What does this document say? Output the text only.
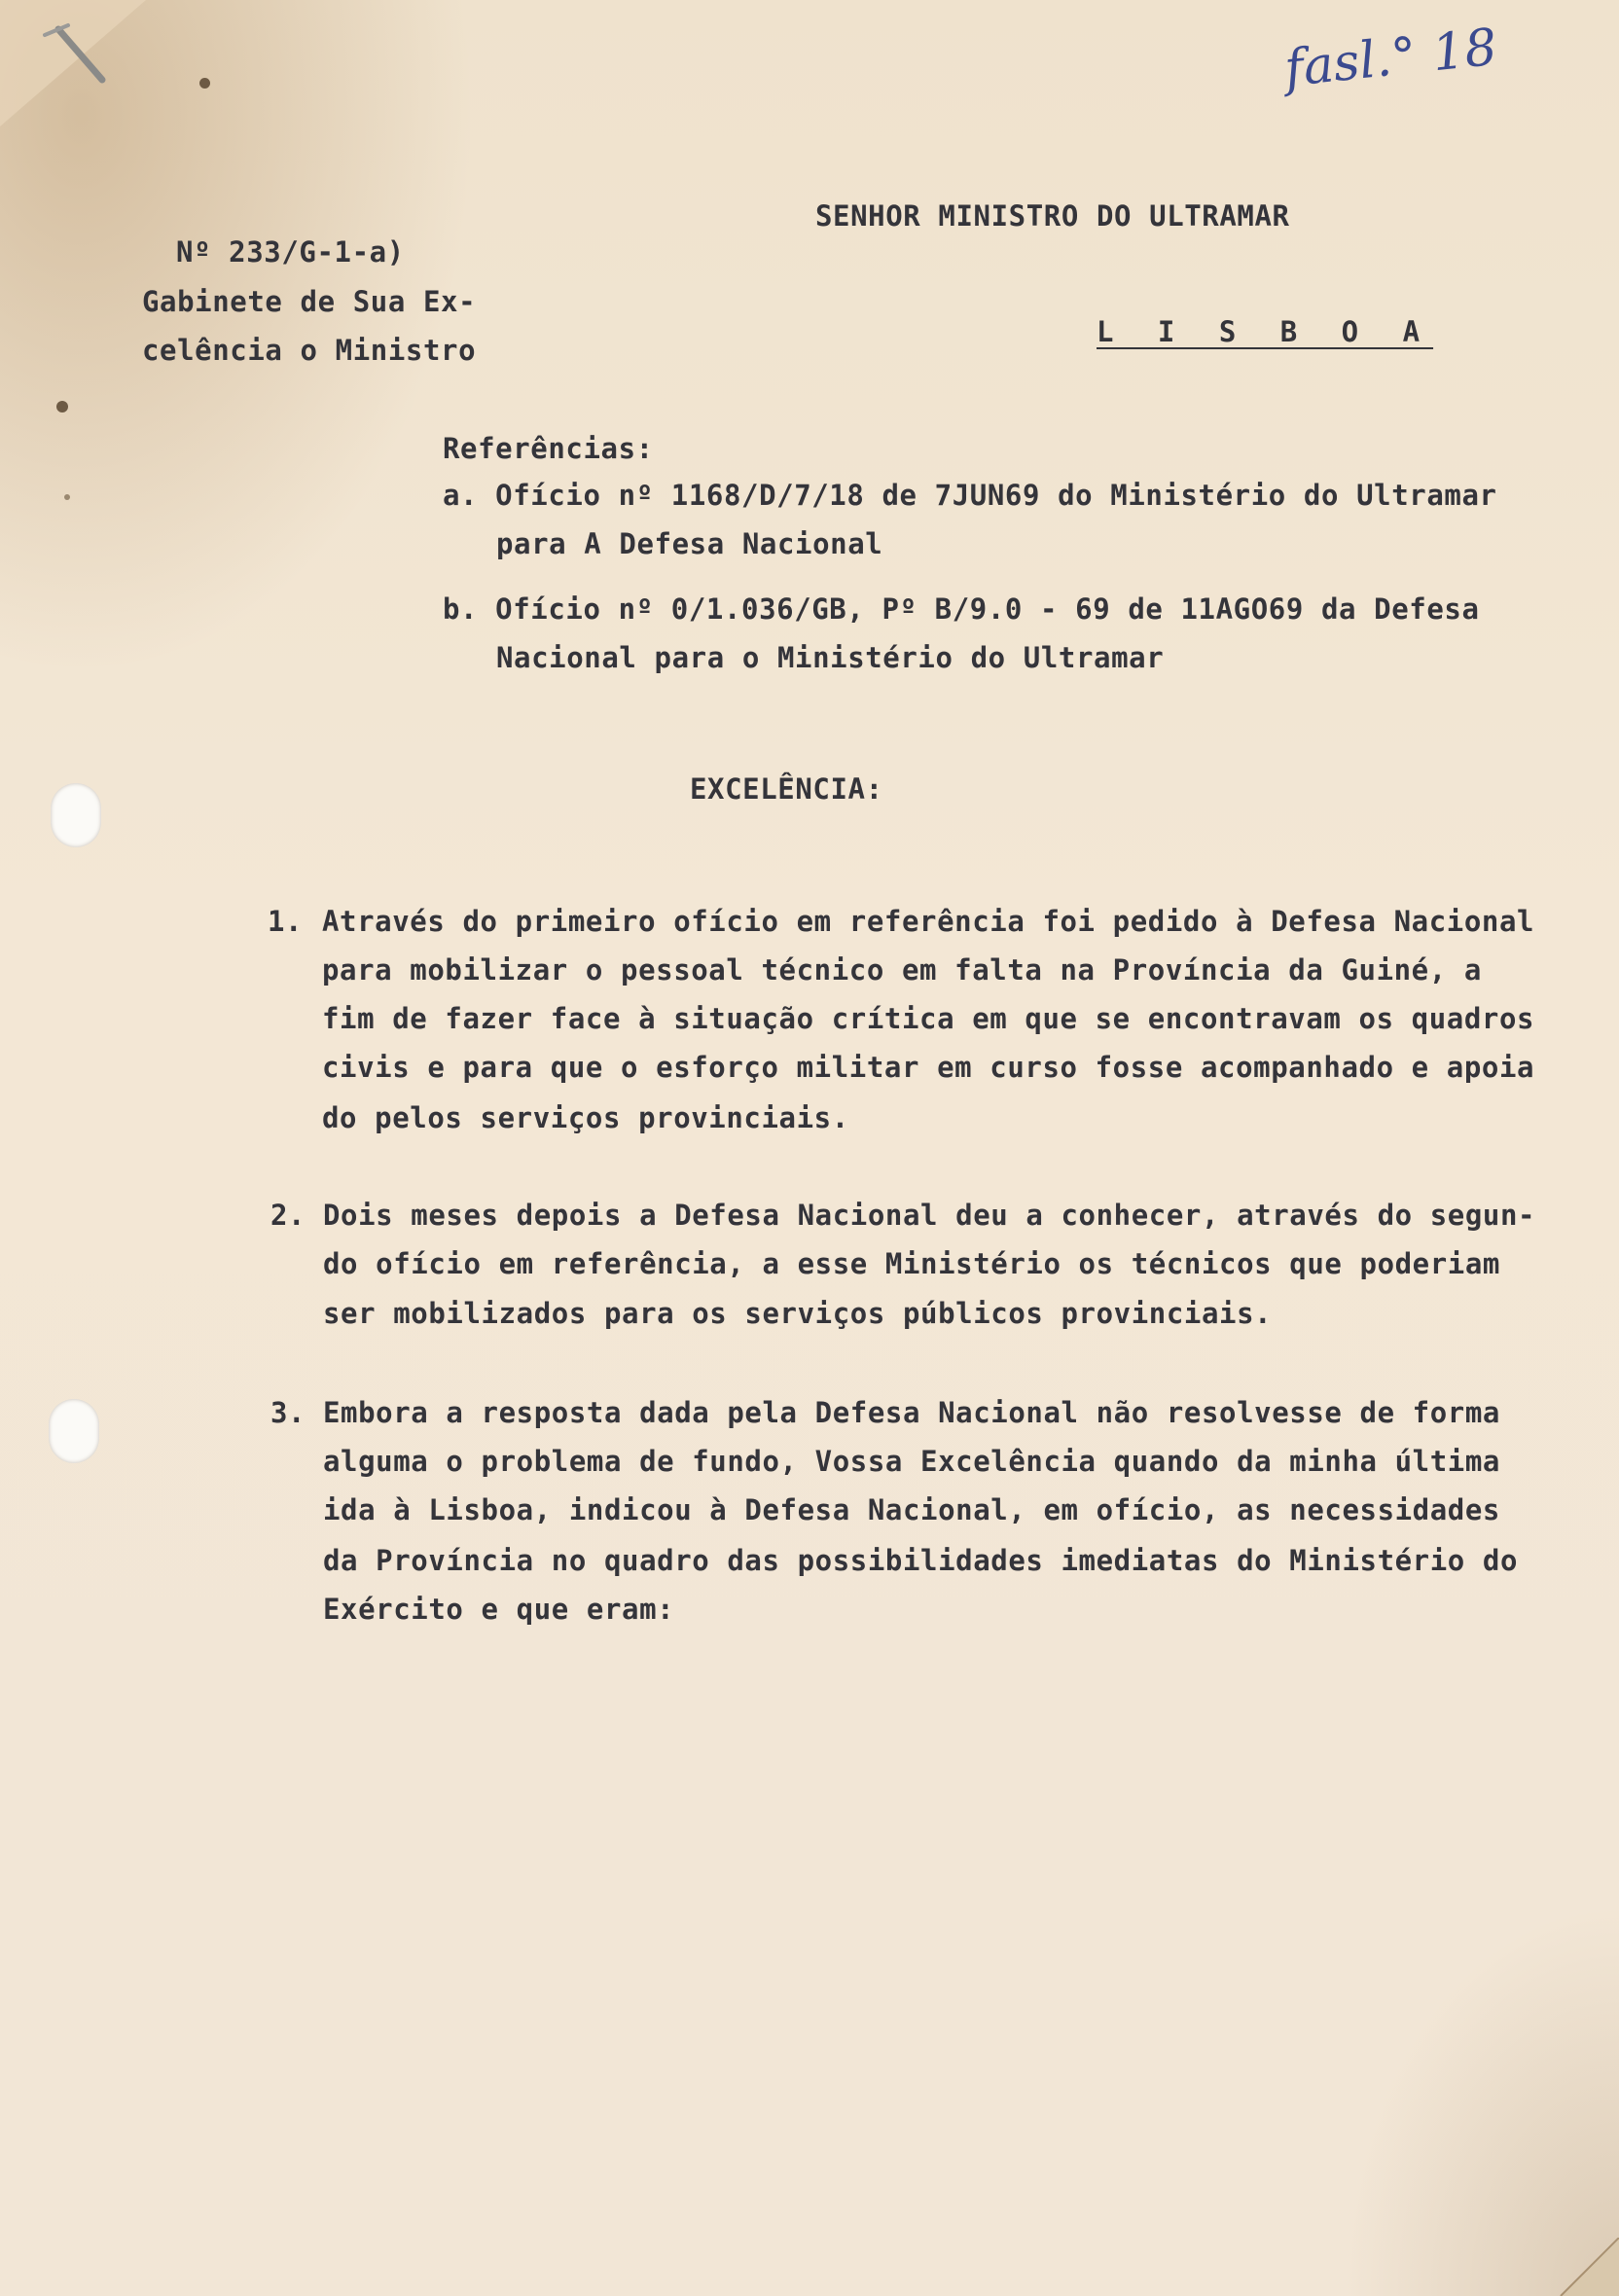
fasl.° 18
SENHOR MINISTRO DO ULTRAMAR
L I S B O A
Nº 233/G-1-a)
Gabinete de Sua Ex-
celência o Ministro
Referências:
a. Ofício nº 1168/D/7/18 de 7JUN69 do Ministério do Ultramar
para A Defesa Nacional
b. Ofício nº 0/1.036/GB, Pº B/9.0 - 69 de 11AGO69 da Defesa
Nacional para o Ministério do Ultramar
EXCELÊNCIA:
1. Através do primeiro ofício em referência foi pedido à Defesa Nacional
para mobilizar o pessoal técnico em falta na Província da Guiné, a
fim de fazer face à situação crítica em que se encontravam os quadros
civis e para que o esforço militar em curso fosse acompanhado e apoia
do pelos serviços provinciais.
2. Dois meses depois a Defesa Nacional deu a conhecer, através do segun-
do ofício em referência, a esse Ministério os técnicos que poderiam
ser mobilizados para os serviços públicos provinciais.
3. Embora a resposta dada pela Defesa Nacional não resolvesse de forma
alguma o problema de fundo, Vossa Excelência quando da minha última
ida à Lisboa, indicou à Defesa Nacional, em ofício, as necessidades
da Província no quadro das possibilidades imediatas do Ministério do
Exército e que eram:
